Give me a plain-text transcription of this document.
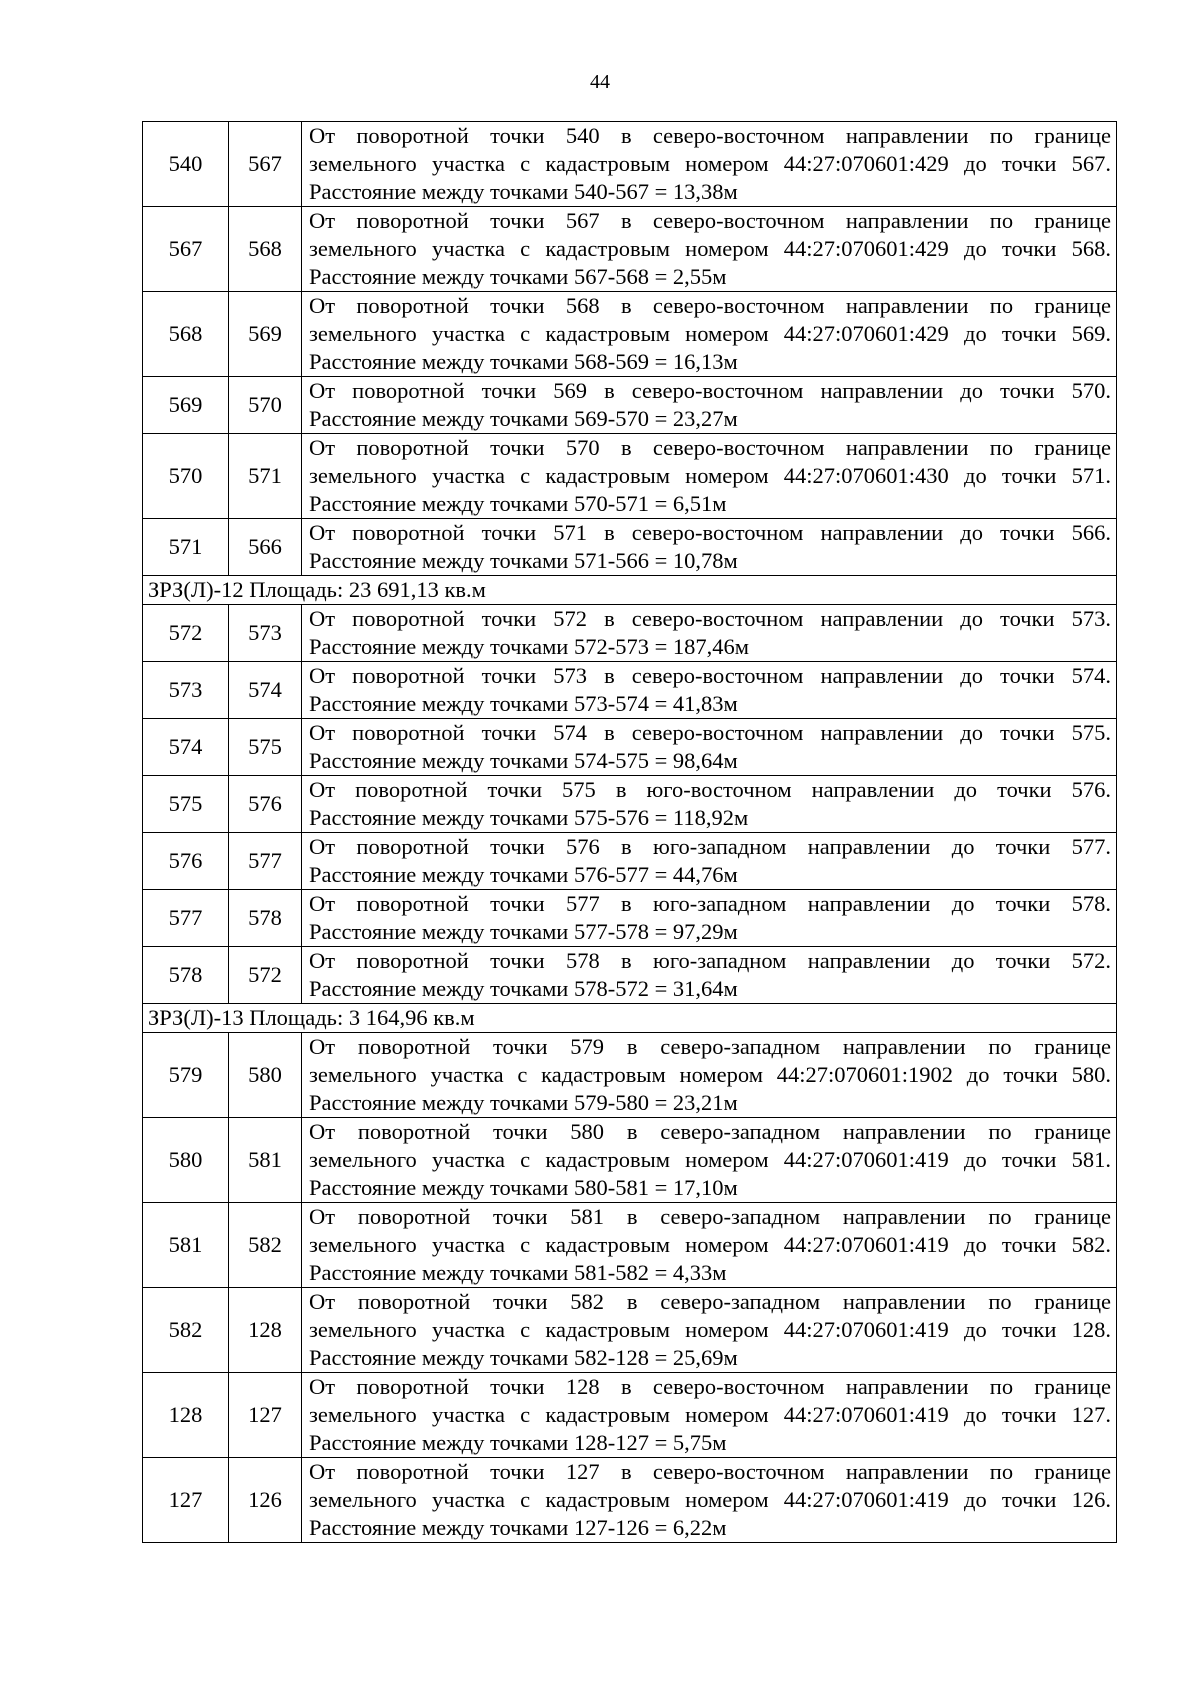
44
540	567	От поворотной точки 540 в северо-восточном направлении по границе
земельного участка с кадастровым номером 44:27:070601:429 до точки 567.
Расстояние между точками 540-567 = 13,38м

567	568	От поворотной точки 567 в северо-восточном направлении по границе
земельного участка с кадастровым номером 44:27:070601:429 до точки 568.
Расстояние между точками 567-568 = 2,55м

568	569	От поворотной точки 568 в северо-восточном направлении по границе
земельного участка с кадастровым номером 44:27:070601:429 до точки 569.
Расстояние между точками 568-569 = 16,13м

569	570	От поворотной точки 569 в северо-восточном направлении до точки 570.
Расстояние между точками 569-570 = 23,27м

570	571	От поворотной точки 570 в северо-восточном направлении по границе
земельного участка с кадастровым номером 44:27:070601:430 до точки 571.
Расстояние между точками 570-571 = 6,51м

571	566	От поворотной точки 571 в северо-восточном направлении до точки 566.
Расстояние между точками 571-566 = 10,78м

ЗРЗ(Л)-12 Площадь: 23 691,13 кв.м		
572	573	От поворотной точки 572 в северо-восточном направлении до точки 573.
Расстояние между точками 572-573 = 187,46м

573	574	От поворотной точки 573 в северо-восточном направлении до точки 574.
Расстояние между точками 573-574 = 41,83м

574	575	От поворотной точки 574 в северо-восточном направлении до точки 575.
Расстояние между точками 574-575 = 98,64м

575	576	От поворотной точки 575 в юго-восточном направлении до точки 576.
Расстояние между точками 575-576 = 118,92м

576	577	От поворотной точки 576 в юго-западном направлении до точки 577.
Расстояние между точками 576-577 = 44,76м

577	578	От поворотной точки 577 в юго-западном направлении до точки 578.
Расстояние между точками 577-578 = 97,29м

578	572	От поворотной точки 578 в юго-западном направлении до точки 572.
Расстояние между точками 578-572 = 31,64м

ЗРЗ(Л)-13 Площадь: 3 164,96 кв.м		
579	580	От поворотной точки 579 в северо-западном направлении по границе
земельного участка с кадастровым номером 44:27:070601:1902 до точки 580.
Расстояние между точками 579-580 = 23,21м

580	581	От поворотной точки 580 в северо-западном направлении по границе
земельного участка с кадастровым номером 44:27:070601:419 до точки 581.
Расстояние между точками 580-581 = 17,10м

581	582	От поворотной точки 581 в северо-западном направлении по границе
земельного участка с кадастровым номером 44:27:070601:419 до точки 582.
Расстояние между точками 581-582 = 4,33м

582	128	От поворотной точки 582 в северо-западном направлении по границе
земельного участка с кадастровым номером 44:27:070601:419 до точки 128.
Расстояние между точками 582-128 = 25,69м

128	127	От поворотной точки 128 в северо-восточном направлении по границе
земельного участка с кадастровым номером 44:27:070601:419 до точки 127.
Расстояние между точками 128-127 = 5,75м

127	126	От поворотной точки 127 в северо-восточном направлении по границе
земельного участка с кадастровым номером 44:27:070601:419 до точки 126.
Расстояние между точками 127-126 = 6,22м
